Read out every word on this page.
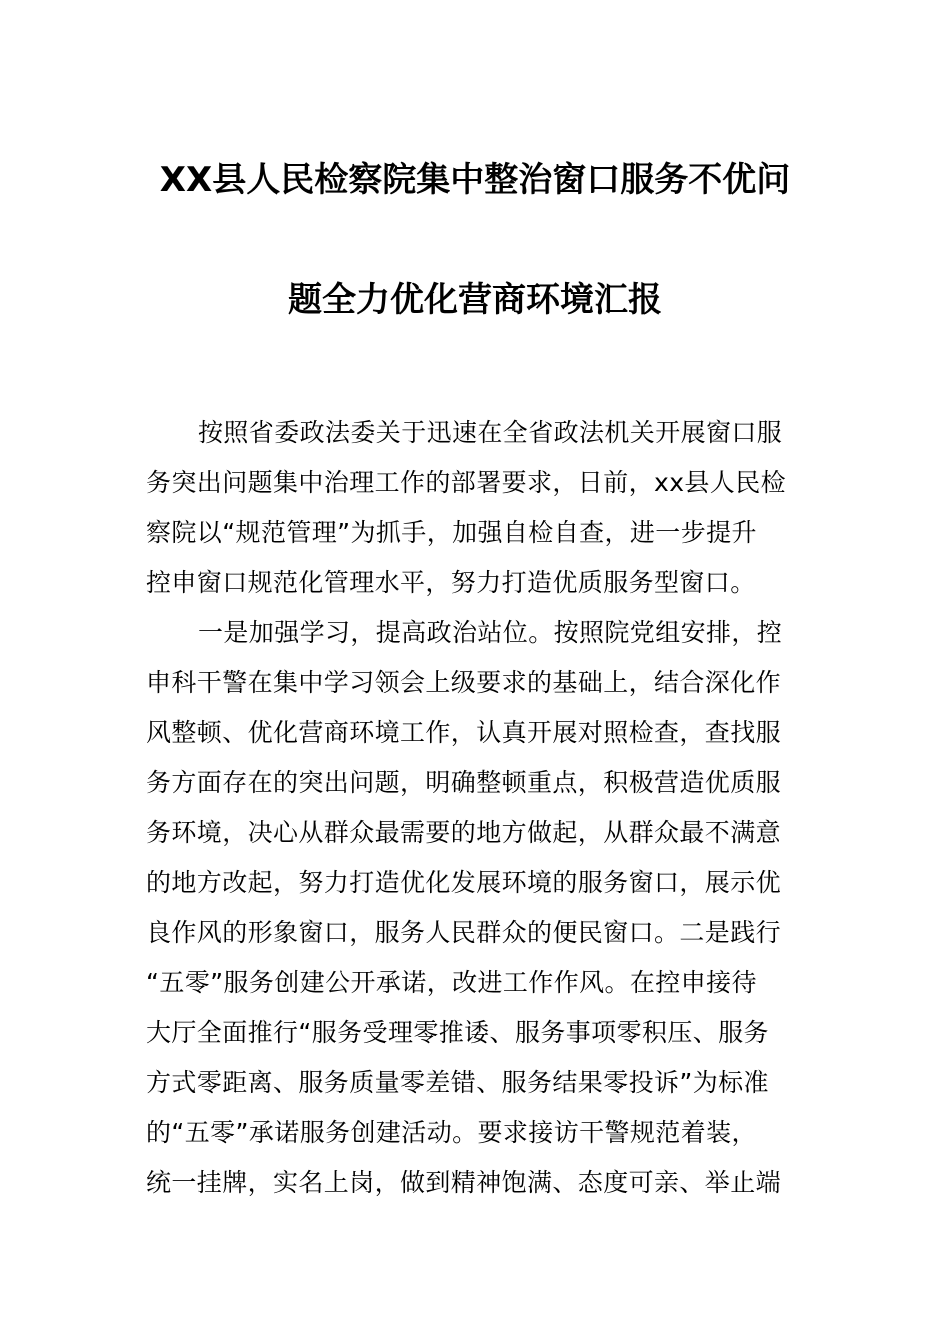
XX县人民检察院集中整治窗口服务不优问
题全力优化营商环境汇报
按照省委政法委关于迅速在全省政法机关开展窗口服
务突出问题集中治理工作的部署要求，日前，xx县人民检
察院以“规范管理”为抓手，加强自检自查，进一步提升
控申窗口规范化管理水平，努力打造优质服务型窗口。
一是加强学习，提高政治站位。按照院党组安排，控
申科干警在集中学习领会上级要求的基础上，结合深化作
风整顿、优化营商环境工作，认真开展对照检查，查找服
务方面存在的突出问题，明确整顿重点，积极营造优质服
务环境，决心从群众最需要的地方做起，从群众最不满意
的地方改起，努力打造优化发展环境的服务窗口，展示优
良作风的形象窗口，服务人民群众的便民窗口。二是践行
“五零”服务创建公开承诺，改进工作作风。在控申接待
大厅全面推行“服务受理零推诿、服务事项零积压、服务
方式零距离、服务质量零差错、服务结果零投诉”为标准
的“五零”承诺服务创建活动。要求接访干警规范着装，
统一挂牌，实名上岗，做到精神饱满、态度可亲、举止端
